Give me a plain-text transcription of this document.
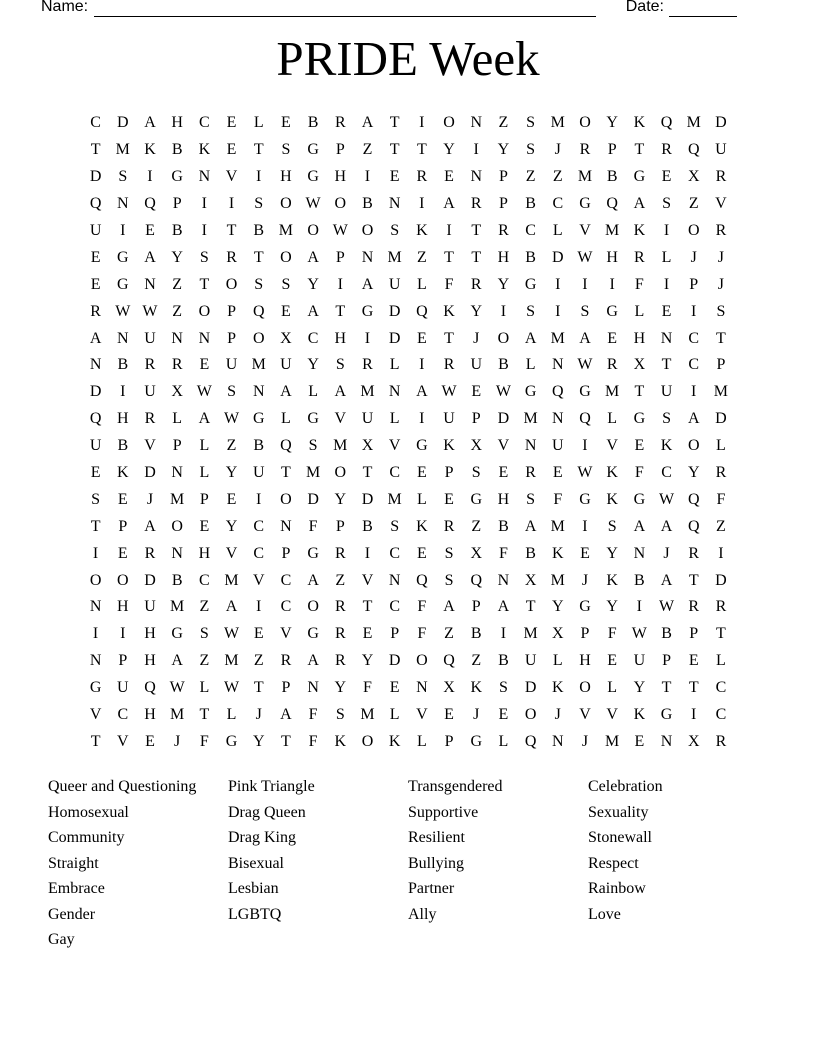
Name:	Date:
PRIDE Week
C	D A H	C	E	L	E	B	R	A	T	I	O N	Z	S M O Y K Q M D
T M K	B	K	E	T	S	G	P	Z	T	T	Y	I	Y	S	J	R	P	T	R	Q U
D	S	I	G N V	I	H G H	I	E	R	E	N	P	Z	Z M B	G	E	X	R
Q N Q	P	I	I	S	O W O	B	N	I	A	R	P	B	C	G Q A	S	Z	V
U	I	E	B	I	T	B M O W O	S	K	I	T	R	C	L	V M K	I	O	R
E	G A Y	S	R	T	O A	P	N M Z	T	T	H	B	D W H	R	L	J	J
E	G N	Z	T	O	S	S	Y	I	A U	L	F	R	Y G	I	I	I	F	I	P	J
R W W Z	O	P	Q	E	A	T	G D Q K Y	I	S	I	S	G	L	E	I	S
A N U N N	P	O X	C	H	I	D	E	T	J	O A M A	E	H N	C	T
N	B	R	R	E	U M U Y	S	R	L	I	R	U	B	L	N W R	X	T	C	P
D	I	U X W S	N A	L	A M N A W E W G Q G M T	U	I	M
Q H	R	L	A W G	L	G V U	L	I	U	P	D M N Q	L	G	S	A D
U	B	V	P	L	Z	B	Q	S M X V G K X V N U	I	V	E	K O	L
E	K D N	L	Y U	T M O	T	C	E	P	S	E	R	E W K	F	C	Y	R
S	E	J	M P	E	I	O D Y D M L	E	G H	S	F	G K G W Q	F
T	P	A O	E	Y	C	N	F	P	B	S	K	R	Z	B	A M	I	S	A A Q	Z
I	E	R	N H V	C	P	G	R	I	C	E	S	X	F	B	K	E	Y N	J	R	I
O O D	B	C M V	C	A	Z	V N Q	S	Q N X M	J	K	B	A	T	D
N H U M Z	A	I	C	O	R	T	C	F	A	P	A	T	Y G Y	I	W R	R
I	I	H G	S W E	V G	R	E	P	F	Z	B	I	M X	P	F W B	P	T
N	P	H A	Z M Z	R	A	R	Y D O Q	Z	B	U	L	H	E	U	P	E	L
G U Q W L W T	P	N Y	F	E	N X K	S	D K O	L	Y	T	T	C
V	C	H M T	L	J	A	F	S M L	V	E	J	E	O	J	V V K G	I	C
T	V	E	J	F	G Y	T	F	K O K	L	P	G	L	Q N	J	M E	N X	R
Queer and Questioning
Homosexual
Community
Straight
Embrace
Gender
Gay
Pink Triangle
Drag Queen
Drag King
Bisexual
Lesbian
LGBTQ
Transgendered
Supportive
Resilient
Bullying
Partner
Ally
Celebration
Sexuality
Stonewall
Respect
Rainbow
Love
